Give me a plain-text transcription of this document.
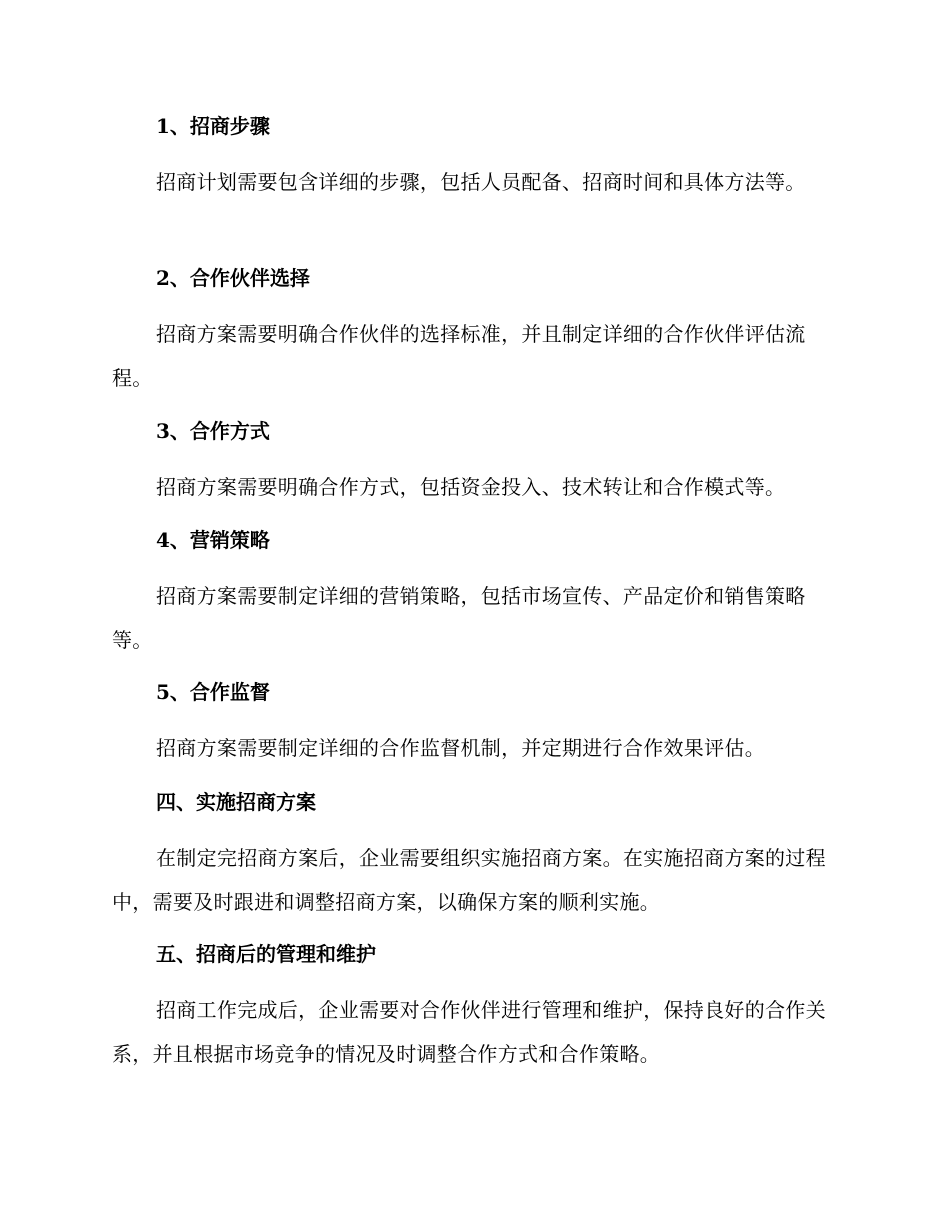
1、招商步骤

招商计划需要包含详细的步骤，包括人员配备、招商时间和具体方法等。

2、合作伙伴选择

招商方案需要明确合作伙伴的选择标准，并且制定详细的合作伙伴评估流程。

3、合作方式

招商方案需要明确合作方式，包括资金投入、技术转让和合作模式等。

4、营销策略

招商方案需要制定详细的营销策略，包括市场宣传、产品定价和销售策略等。

5、合作监督

招商方案需要制定详细的合作监督机制，并定期进行合作效果评估。

四、实施招商方案

在制定完招商方案后，企业需要组织实施招商方案。在实施招商方案的过程中，需要及时跟进和调整招商方案，以确保方案的顺利实施。

五、招商后的管理和维护

招商工作完成后，企业需要对合作伙伴进行管理和维护，保持良好的合作关系，并且根据市场竞争的情况及时调整合作方式和合作策略。
